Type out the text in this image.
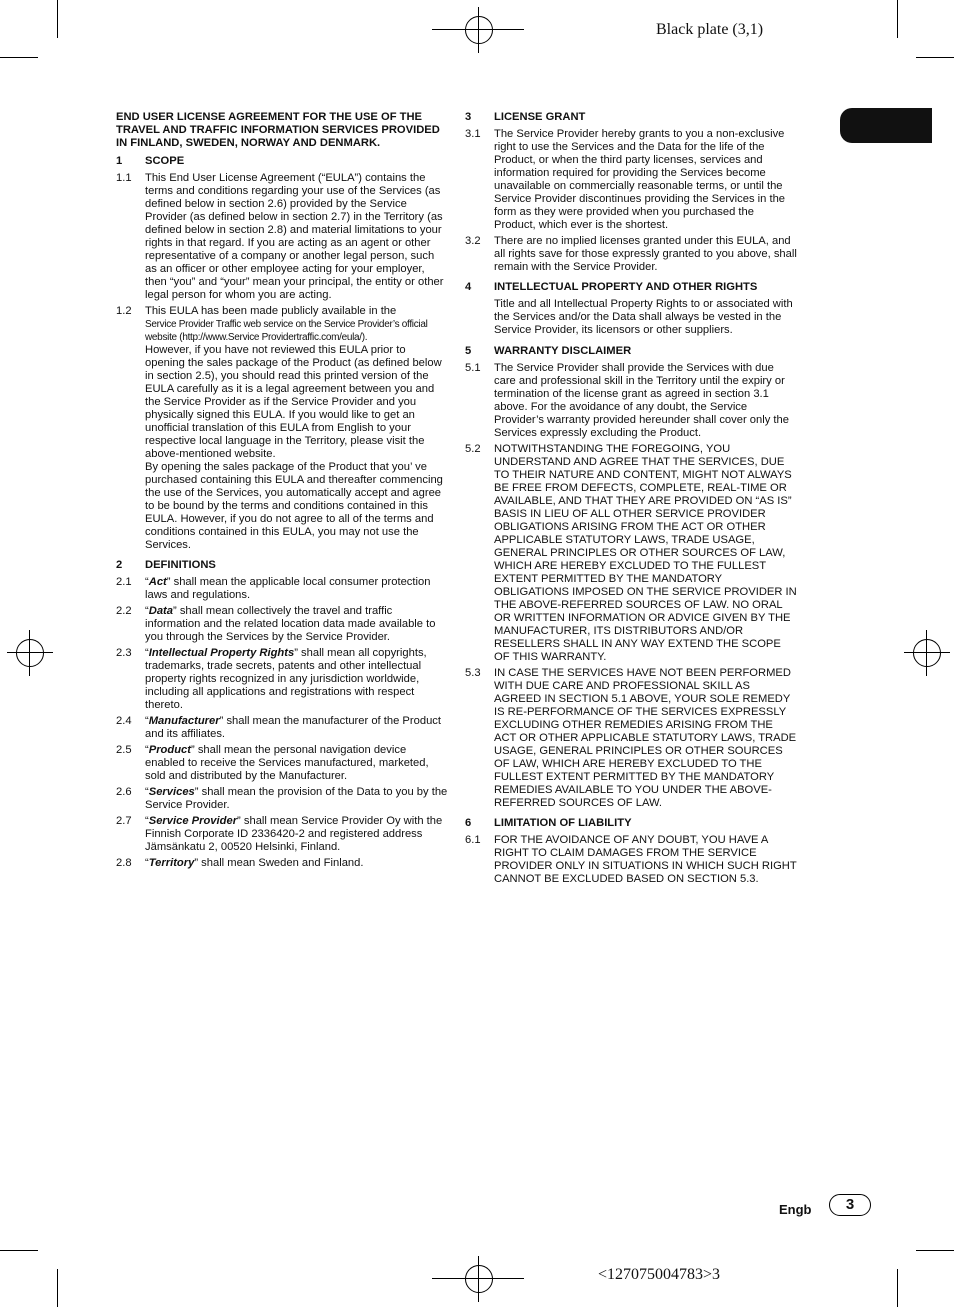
Black plate (3,1)
END USER LICENSE AGREEMENT FOR THE USE OF THE TRAVEL AND TRAFFIC INFORMATION SERVICES PROVIDED IN FINLAND, SWEDEN, NORWAY AND DENMARK.
1	SCOPE
1.1	This End User License Agreement (“EULA”) contains the terms and conditions regarding your use of the Services (as defined below in section 2.6) provided by the Service Provider (as defined below in section 2.7) in the Territory (as defined below in section 2.8) and material limitations to your rights in that regard. If you are acting as an agent or other representative of a company or another legal person, such as an officer or other employee acting for your employer, then “you” and “your” mean your principal, the entity or other legal person for whom you are acting.
1.2	This EULA has been made publicly available in the

Service Provider Traffic web service on the Service Provider’s official website (http://www.Service Providertraffic.com/eula/).

However, if you have not reviewed this EULA prior to opening the sales package of the Product (as defined below in section 2.5), you should read this printed version of the EULA carefully as it is a legal agreement between you and the Service Provider as if the Service Provider and you physically signed this EULA. If you would like to get an unofficial translation of this EULA from English to your respective local language in the Territory, please visit the above-mentioned website.

By opening the sales package of the Product that you’ ve purchased containing this EULA and thereafter commencing the use of the Services, you automatically accept and agree to be bound by the terms and conditions contained in this EULA. However, if you do not agree to all of the terms and conditions contained in this EULA, you may not use the Services.

2	DEFINITIONS
2.1	“Act” shall mean the applicable local consumer protection laws and regulations.
2.2	“Data” shall mean collectively the travel and traffic information and the related location data made available to you through the Services by the Service Provider.
2.3	“Intellectual Property Rights” shall mean all copyrights, trademarks, trade secrets, patents and other intellectual property rights recognized in any jurisdiction worldwide, including all applications and registrations with respect thereto.
2.4	“Manufacturer” shall mean the manufacturer of the Product and its affiliates.
2.5	“Product” shall mean the personal navigation device enabled to receive the Services manufactured, marketed, sold and distributed by the Manufacturer.
2.6	“Services” shall mean the provision of the Data to you by the Service Provider.
2.7	“Service Provider” shall mean Service Provider Oy with the Finnish Corporate ID 2336420-2 and registered address Jämsänkatu 2, 00520 Helsinki, Finland.
2.8	“Territory” shall mean Sweden and Finland.
3	LICENSE GRANT
3.1	The Service Provider hereby grants to you a non-exclusive right to use the Services and the Data for the life of the Product, or when the third party licenses, services and information required for providing the Services become unavailable on commercially reasonable terms, or until the Service Provider discontinues providing the Services in the form as they were provided when you purchased the Product, which ever is the shortest.
3.2	There are no implied licenses granted under this EULA, and all rights save for those expressly granted to you above, shall remain with the Service Provider.
4	INTELLECTUAL PROPERTY AND OTHER RIGHTS
Title and all Intellectual Property Rights to or associated with the Services and/or the Data shall always be vested in the Service Provider, its licensors or other suppliers.
5	WARRANTY DISCLAIMER
5.1	The Service Provider shall provide the Services with due care and professional skill in the Territory until the expiry or termination of the license grant as agreed in section 3.1 above. For the avoidance of any doubt, the Service Provider’s warranty provided hereunder shall cover only the Services expressly excluding the Product.
5.2	NOTWITHSTANDING THE FOREGOING, YOU UNDERSTAND AND AGREE THAT THE SERVICES, DUE TO THEIR NATURE AND CONTENT, MIGHT NOT ALWAYS BE FREE FROM DEFECTS, COMPLETE, REAL-TIME OR AVAILABLE, AND THAT THEY ARE PROVIDED ON “AS IS” BASIS IN LIEU OF ALL OTHER SERVICE PROVIDER OBLIGATIONS ARISING FROM THE ACT OR OTHER APPLICABLE STATUTORY LAWS, TRADE USAGE, GENERAL PRINCIPLES OR OTHER SOURCES OF LAW, WHICH ARE HEREBY EXCLUDED TO THE FULLEST EXTENT PERMITTED BY THE MANDATORY OBLIGATIONS IMPOSED ON THE SERVICE PROVIDER IN THE ABOVE-REFERRED SOURCES OF LAW. NO ORAL OR WRITTEN INFORMATION OR ADVICE GIVEN BY THE MANUFACTURER, ITS DISTRIBUTORS AND/OR RESELLERS SHALL IN ANY WAY EXTEND THE SCOPE OF THIS WARRANTY.
5.3	IN CASE THE SERVICES HAVE NOT BEEN PERFORMED WITH DUE CARE AND PROFESSIONAL SKILL AS AGREED IN SECTION 5.1 ABOVE, YOUR SOLE REMEDY IS RE-PERFORMANCE OF THE SERVICES EXPRESSLY EXCLUDING OTHER REMEDIES ARISING FROM THE ACT OR OTHER APPLICABLE STATUTORY LAWS, TRADE USAGE, GENERAL PRINCIPLES OR OTHER SOURCES OF LAW, WHICH ARE HEREBY EXCLUDED TO THE FULLEST EXTENT PERMITTED BY THE MANDATORY REMEDIES AVAILABLE TO YOU UNDER THE ABOVE-REFERRED SOURCES OF LAW.
6	LIMITATION OF LIABILITY
6.1	FOR THE AVOIDANCE OF ANY DOUBT, YOU HAVE A RIGHT TO CLAIM DAMAGES FROM THE SERVICE PROVIDER ONLY IN SITUATIONS IN WHICH SUCH RIGHT CANNOT BE EXCLUDED BASED ON SECTION 5.3.
Engb	3
<127075004783>3
